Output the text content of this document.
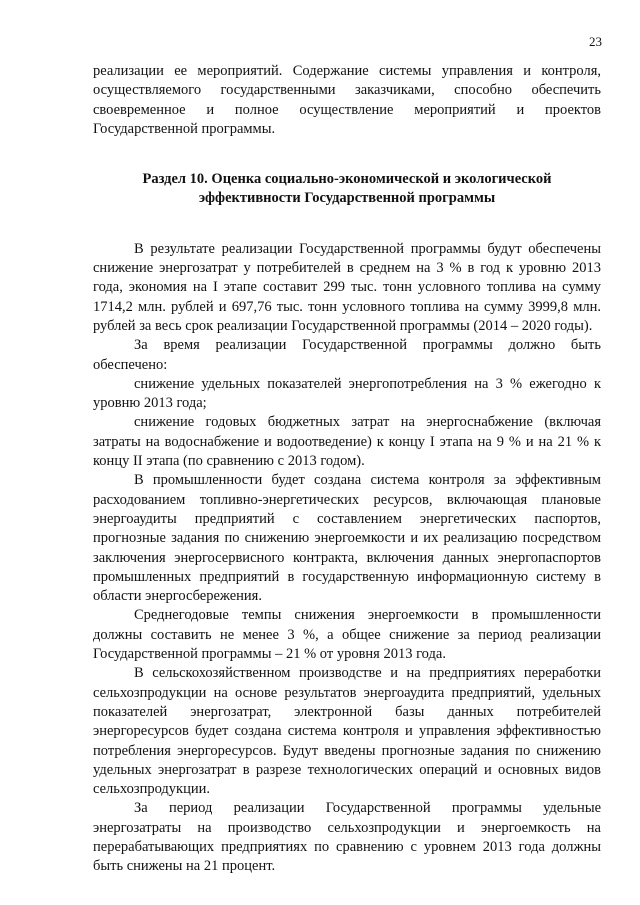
23

реализации ее мероприятий. Содержание системы управления и контроля, осуществляемого государственными заказчиками, способно обеспечить своевременное и полное осуществление мероприятий и проектов Государственной программы.

Раздел 10. Оценка социально-экономической и экологической
эффективности Государственной программы

В результате реализации Государственной программы будут обеспечены снижение энергозатрат у потребителей в среднем на 3 % в год к уровню 2013 года, экономия на I этапе составит 299 тыс. тонн условного топлива на сумму 1714,2 млн. рублей и 697,76 тыс. тонн условного топлива на сумму 3999,8 млн. рублей за весь срок реализации Государственной программы (2014 – 2020 годы).

За время реализации Государственной программы должно быть обеспечено:

снижение удельных показателей энергопотребления на 3 % ежегодно к уровню 2013 года;

снижение годовых бюджетных затрат на энергоснабжение (включая затраты на водоснабжение и водоотведение) к концу I этапа на 9 % и на 21 % к концу II этапа (по сравнению с 2013 годом).

В промышленности будет создана система контроля за эффективным расходованием топливно-энергетических ресурсов, включающая плановые энергоаудиты предприятий с составлением энергетических паспортов, прогнозные задания по снижению энергоемкости и их реализацию посредством заключения энергосервисного контракта, включения данных энергопаспортов промышленных предприятий в государственную информационную систему в области энергосбережения.

Среднегодовые темпы снижения энергоемкости в промышленности должны составить не менее 3 %, а общее снижение за период реализации Государственной программы – 21 % от уровня 2013 года.

В сельскохозяйственном производстве и на предприятиях переработки сельхозпродукции на основе результатов энергоаудита предприятий, удельных показателей энергозатрат, электронной базы данных потребителей энергоресурсов будет создана система контроля и управления эффективностью потребления энергоресурсов. Будут введены прогнозные задания по снижению удельных энергозатрат в разрезе технологических операций и основных видов сельхозпродукции.

За период реализации Государственной программы удельные энергозатраты на производство сельхозпродукции и энергоемкость на перерабатывающих предприятиях по сравнению с уровнем 2013 года должны быть снижены на 21 процент.
